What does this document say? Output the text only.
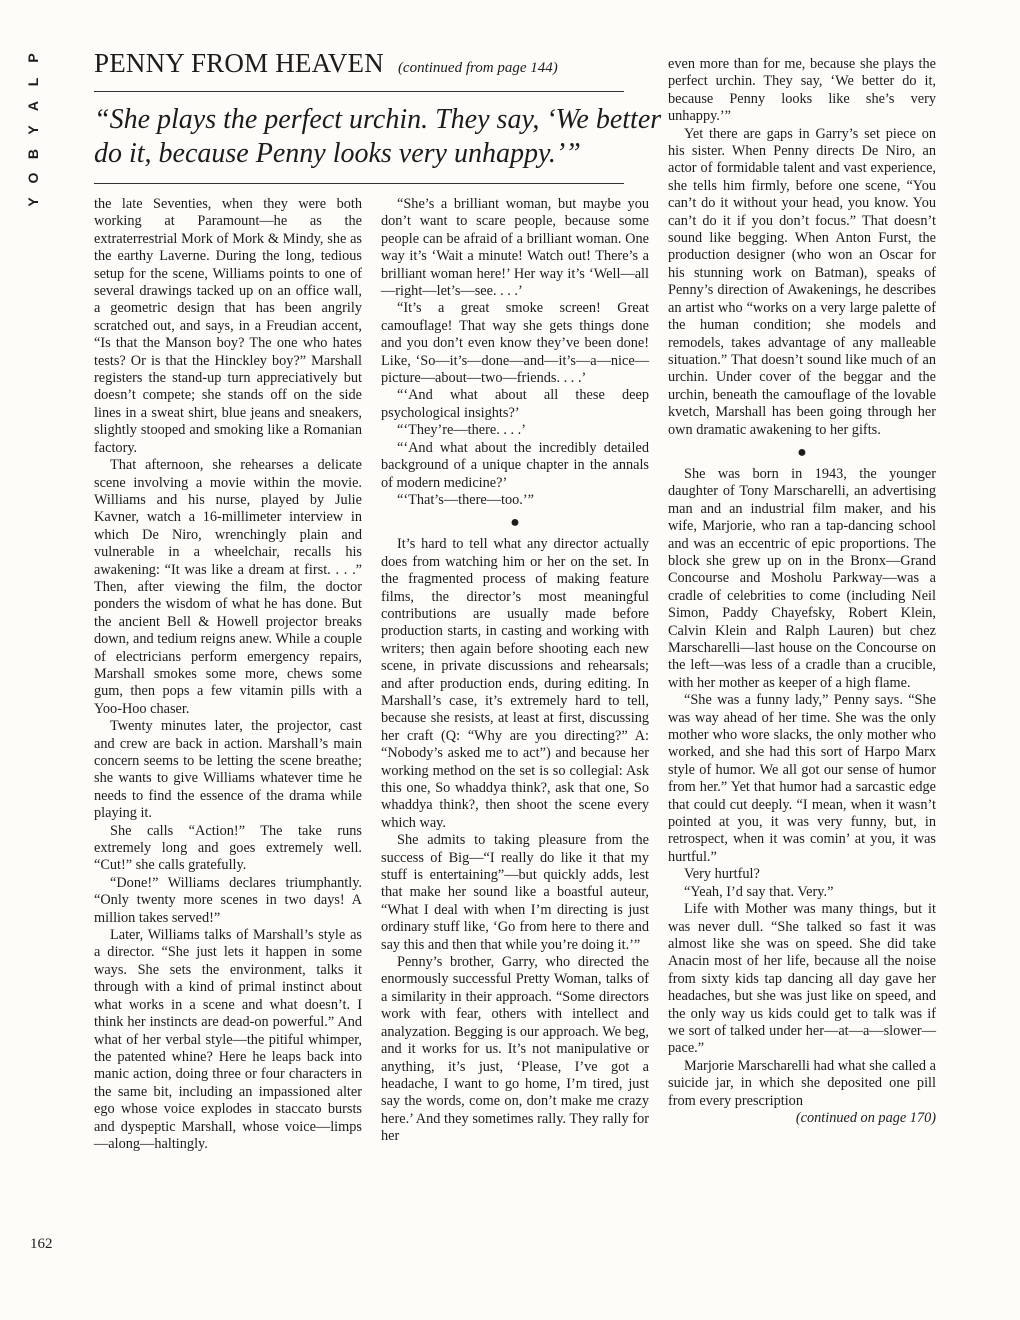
P
L
A
Y
B
O
Y
PENNY FROM HEAVEN (continued from page 144)
“She plays the perfect urchin. They say, ‘We better do it, because Penny looks very unhappy.’”

the late Seventies, when they were both working at Paramount—he as the extraterrestrial Mork of Mork & Mindy, she as the earthy Laverne. During the long, tedious setup for the scene, Williams points to one of several drawings tacked up on an office wall, a geometric design that has been angrily scratched out, and says, in a Freudian accent, “Is that the Manson boy? The one who hates tests? Or is that the Hinckley boy?” Marshall registers the stand-up turn appreciatively but doesn’t compete; she stands off on the side lines in a sweat shirt, blue jeans and sneakers, slightly stooped and smoking like a Romanian factory.

That afternoon, she rehearses a delicate scene involving a movie within the movie. Williams and his nurse, played by Julie Kavner, watch a 16-millimeter interview in which De Niro, wrenchingly plain and vulnerable in a wheelchair, recalls his awakening: “It was like a dream at first. . . .” Then, after viewing the film, the doctor ponders the wisdom of what he has done. But the ancient Bell & Howell projector breaks down, and tedium reigns anew. While a couple of electricians perform emergency repairs, Marshall smokes some more, chews some gum, then pops a few vitamin pills with a Yoo-Hoo chaser.

Twenty minutes later, the projector, cast and crew are back in action. Marshall’s main concern seems to be letting the scene breathe; she wants to give Williams whatever time he needs to find the essence of the drama while playing it.

She calls “Action!” The take runs extremely long and goes extremely well. “Cut!” she calls gratefully.

“Done!” Williams declares triumphantly. “Only twenty more scenes in two days! A million takes served!”

Later, Williams talks of Marshall’s style as a director. “She just lets it happen in some ways. She sets the environment, talks it through with a kind of primal instinct about what works in a scene and what doesn’t. I think her instincts are dead-on powerful.” And what of her verbal style—the pitiful whimper, the patented whine? Here he leaps back into manic action, doing three or four characters in the same bit, including an impassioned alter ego whose voice explodes in staccato bursts and dyspeptic Marshall, whose voice—limps—along—haltingly.

“She’s a brilliant woman, but maybe you don’t want to scare people, because some people can be afraid of a brilliant woman. One way it’s ‘Wait a minute! Watch out! There’s a brilliant woman here!’ Her way it’s ‘Well—all—right—let’s—see. . . .’

“It’s a great smoke screen! Great camouflage! That way she gets things done and you don’t even know they’ve been done! Like, ‘So—it’s—done—and—it’s—a—nice—picture—about—two—friends. . . .’

“‘And what about all these deep psychological insights?’

“‘They’re—there. . . .’

“‘And what about the incredibly detailed background of a unique chapter in the annals of modern medicine?’

“‘That’s—there—too.’”

●

It’s hard to tell what any director actually does from watching him or her on the set. In the fragmented process of making feature films, the director’s most meaningful contributions are usually made before production starts, in casting and working with writers; then again before shooting each new scene, in private discussions and rehearsals; and after production ends, during editing. In Marshall’s case, it’s extremely hard to tell, because she resists, at least at first, discussing her craft (Q: “Why are you directing?” A: “Nobody’s asked me to act”) and because her working method on the set is so collegial: Ask this one, So whaddya think?, ask that one, So whaddya think?, then shoot the scene every which way.

She admits to taking pleasure from the success of Big—“I really do like it that my stuff is entertaining”—but quickly adds, lest that make her sound like a boastful auteur, “What I deal with when I’m directing is just ordinary stuff like, ‘Go from here to there and say this and then that while you’re doing it.’”

Penny’s brother, Garry, who directed the enormously successful Pretty Woman, talks of a similarity in their approach. “Some directors work with fear, others with intellect and analyzation. Begging is our approach. We beg, and it works for us. It’s not manipulative or anything, it’s just, ‘Please, I’ve got a headache, I want to go home, I’m tired, just say the words, come on, don’t make me crazy here.’ And they sometimes rally. They rally for her

even more than for me, because she plays the perfect urchin. They say, ‘We better do it, because Penny looks like she’s very unhappy.’”

Yet there are gaps in Garry’s set piece on his sister. When Penny directs De Niro, an actor of formidable talent and vast experience, she tells him firmly, before one scene, “You can’t do it without your head, you know. You can’t do it if you don’t focus.” That doesn’t sound like begging. When Anton Furst, the production designer (who won an Oscar for his stunning work on Batman), speaks of Penny’s direction of Awakenings, he describes an artist who “works on a very large palette of the human condition; she models and remodels, takes advantage of any malleable situation.” That doesn’t sound like much of an urchin. Under cover of the beggar and the urchin, beneath the camouflage of the lovable kvetch, Marshall has been going through her own dramatic awakening to her gifts.

●

She was born in 1943, the younger daughter of Tony Marscharelli, an advertising man and an industrial film maker, and his wife, Marjorie, who ran a tap-dancing school and was an eccentric of epic proportions. The block she grew up on in the Bronx—Grand Concourse and Mosholu Parkway—was a cradle of celebrities to come (including Neil Simon, Paddy Chayefsky, Robert Klein, Calvin Klein and Ralph Lauren) but chez Marscharelli—last house on the Concourse on the left—was less of a cradle than a crucible, with her mother as keeper of a high flame.

“She was a funny lady,” Penny says. “She was way ahead of her time. She was the only mother who wore slacks, the only mother who worked, and she had this sort of Harpo Marx style of humor. We all got our sense of humor from her.” Yet that humor had a sarcastic edge that could cut deeply. “I mean, when it wasn’t pointed at you, it was very funny, but, in retrospect, when it was comin’ at you, it was hurtful.”

Very hurtful?

“Yeah, I’d say that. Very.”

Life with Mother was many things, but it was never dull. “She talked so fast it was almost like she was on speed. She did take Anacin most of her life, because all the noise from sixty kids tap dancing all day gave her headaches, but she was just like on speed, and the only way us kids could get to talk was if we sort of talked under her—at—a—slower—pace.”

Marjorie Marscharelli had what she called a suicide jar, in which she deposited one pill from every prescription

(continued on page 170)
162
